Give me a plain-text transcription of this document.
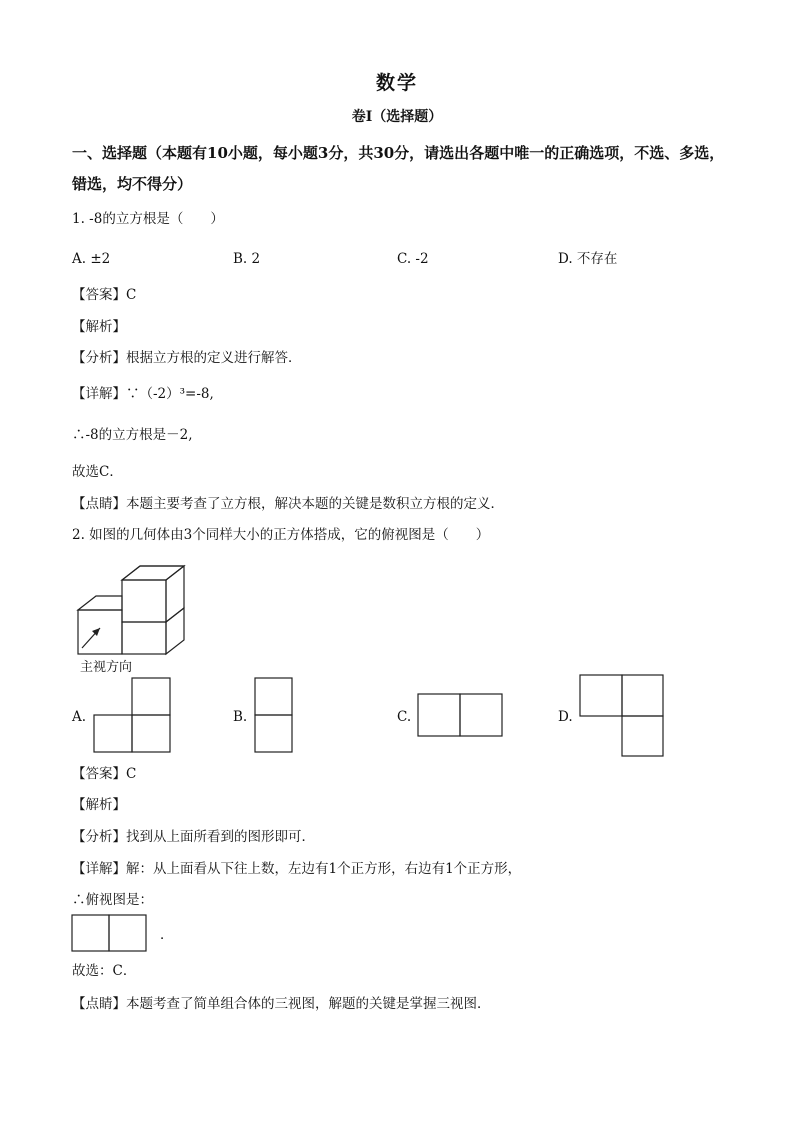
数学
卷I（选择题）
一、选择题（本题有10小题，每小题3分，共30分，请选出各题中唯一的正确选项，不选、多选，错选，均不得分）
1. -8的立方根是（　　）
A. ±2	B. 2	C. -2	D. 不存在
【答案】C
【解析】
【分析】根据立方根的定义进行解答．
【详解】∵（-2）³=-8,
∴-8的立方根是－2,
故选C．
【点睛】本题主要考查了立方根，解决本题的关键是数积立方根的定义．
2. 如图的几何体由3个同样大小的正方体搭成，它的俯视图是（　　）
主视方向
A.	B.	C.	D.
【答案】C
【解析】
【分析】找到从上面所看到的图形即可．
【详解】解：从上面看从下往上数，左边有1个正方形，右边有1个正方形，
∴俯视图是：
．
故选：C．
【点睛】本题考查了简单组合体的三视图，解题的关键是掌握三视图．
